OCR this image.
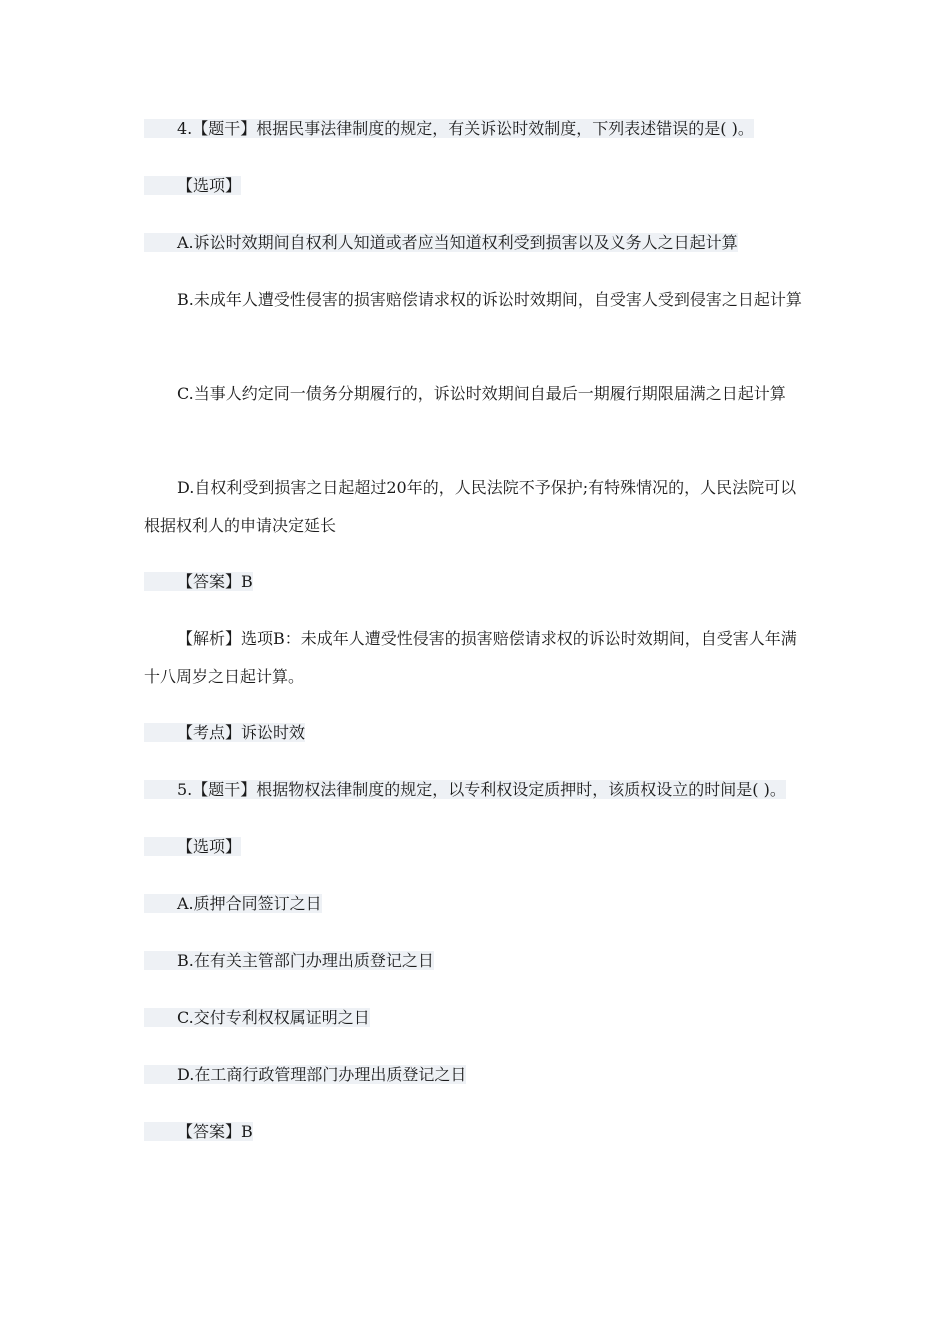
4.【题干】根据民事法律制度的规定，有关诉讼时效制度，下列表述错误的是( )。

【选项】

A.诉讼时效期间自权利人知道或者应当知道权利受到损害以及义务人之日起计算

B.未成年人遭受性侵害的损害赔偿请求权的诉讼时效期间，自受害人受到侵害之日起计算

C.当事人约定同一债务分期履行的，诉讼时效期间自最后一期履行期限届满之日起计算

D.自权利受到损害之日起超过20年的，人民法院不予保护;有特殊情况的，人民法院可以根据权利人的申请决定延长

【答案】B

【解析】选项B：未成年人遭受性侵害的损害赔偿请求权的诉讼时效期间，自受害人年满十八周岁之日起计算。

【考点】诉讼时效

5.【题干】根据物权法律制度的规定，以专利权设定质押时，该质权设立的时间是( )。

【选项】

A.质押合同签订之日

B.在有关主管部门办理出质登记之日

C.交付专利权权属证明之日

D.在工商行政管理部门办理出质登记之日

【答案】B
